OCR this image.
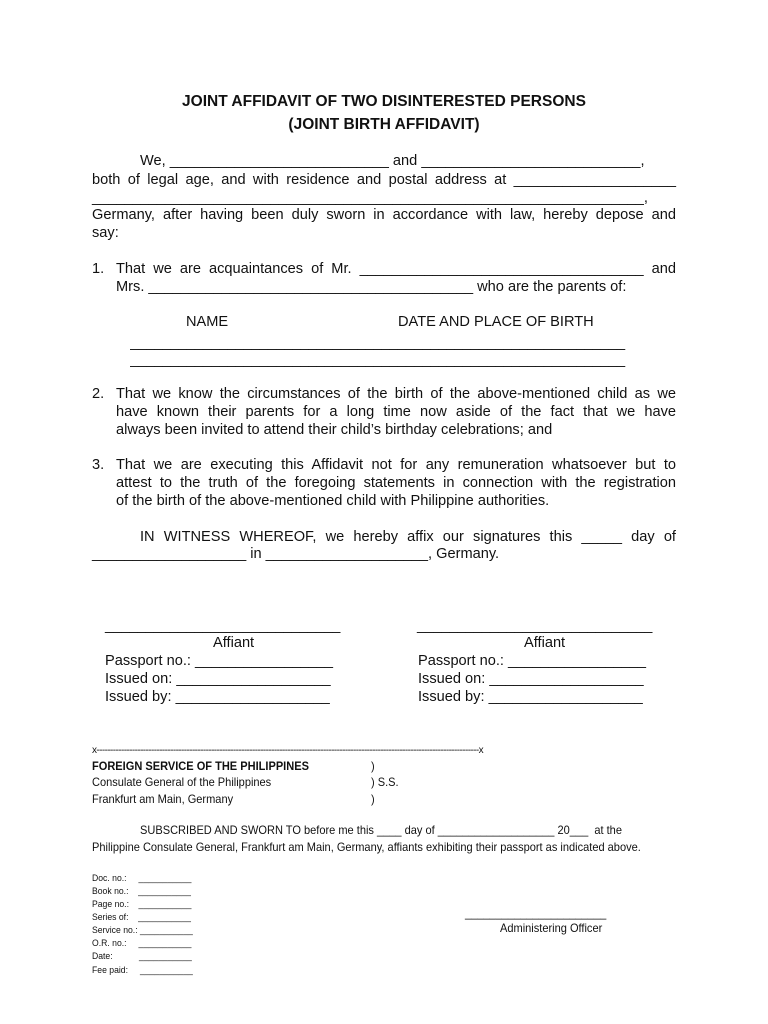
JOINT AFFIDAVIT OF TWO DISINTERESTED PERSONS
(JOINT BIRTH AFFIDAVIT)
We, ___________________________ and ___________________________,
both of legal age, and with residence and postal address at ____________________
____________________________________________________________________,
Germany, after having been duly sworn in accordance with law, hereby depose and
say:
1. That we are acquaintances of Mr. ___________________________________ and
Mrs. ________________________________________ who are the parents of:
NAME	DATE AND PLACE OF BIRTH
_____________________________________________________________
_____________________________________________________________
2. That we know the circumstances of the birth of the above-mentioned child as we
have known their parents for a long time now aside of the fact that we have
always been invited to attend their child’s birthday celebrations; and
3. That we are executing this Affidavit not for any remuneration whatsoever but to
attest to the truth of the foregoing statements in connection with the registration
of the birth of the above-mentioned child with Philippine authorities.
IN WITNESS WHEREOF, we hereby affix our signatures this _____ day of
___________________ in ____________________, Germany.
_____________________________
Affiant
Passport no.: _________________
Issued on: ___________________
Issued by: ___________________
_____________________________
Affiant
Passport no.: _________________
Issued on: ___________________
Issued by: ___________________
x--------------------------------------------------------------------------------------------------------------------------------------------x
FOREIGN SERVICE OF THE PHILIPPINES
Consulate General of the Philippines
Frankfurt am Main, Germany
)
) S.S.
)
SUBSCRIBED AND SWORN TO before me this ____ day of ___________________ 20___  at the
Philippine Consulate General, Frankfurt am Main, Germany, affiants exhibiting their passport as indicated above.
Doc. no.:     ___________
Book no.:    ___________
Page no.:    ___________
Series of:    ___________
Service no.: ___________
O.R. no.:     ___________
Date:           ___________
Fee paid:     ___________
_______________________
Administering Officer
